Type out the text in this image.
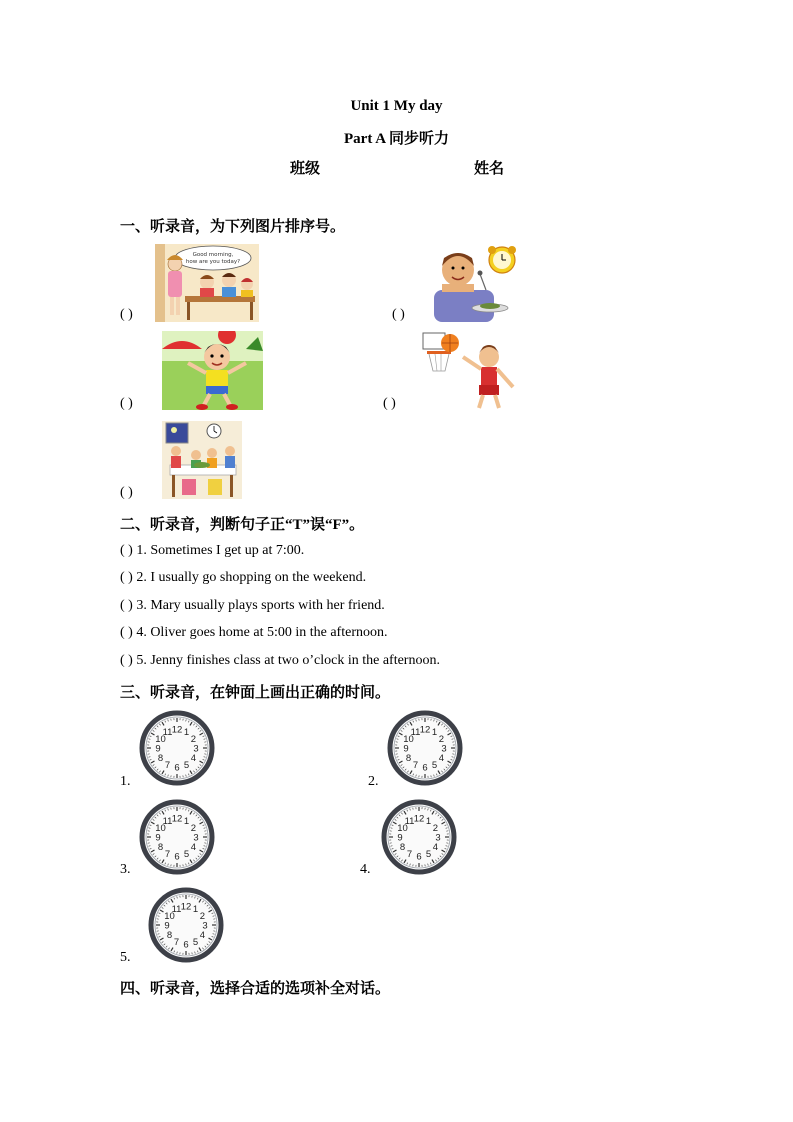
Unit 1 My day
Part A 同步听力
班级	姓名
一、听录音，为下列图片排序号。
Good morning,
how are you today?
( )	( )
( )	( )
( )
二、听录音，判断句子正“T”误“F”。
( ) 1. Sometimes I get up at 7:00.
( ) 2. I usually go shopping on the weekend.
( ) 3. Mary usually plays sports with her friend.
( ) 4. Oliver goes home at 5:00 in the afternoon.
( ) 5. Jenny finishes class at two o’clock in the afternoon.
三、听录音，在钟面上画出正确的时间。
12 1
2
3
4
5
6
7
8
9
10
11	12 1
2
3
4
5
6
7
8
9
10
11
12 1
2
3
4
5
6
7
8
9
10
11	12 1
2
3
4
5
6
7
8
9
10
11
12 1
2
3
4
5
6
7
8
9
10
11
1.	2.
3.	4.
5.
四、听录音，选择合适的选项补全对话。
